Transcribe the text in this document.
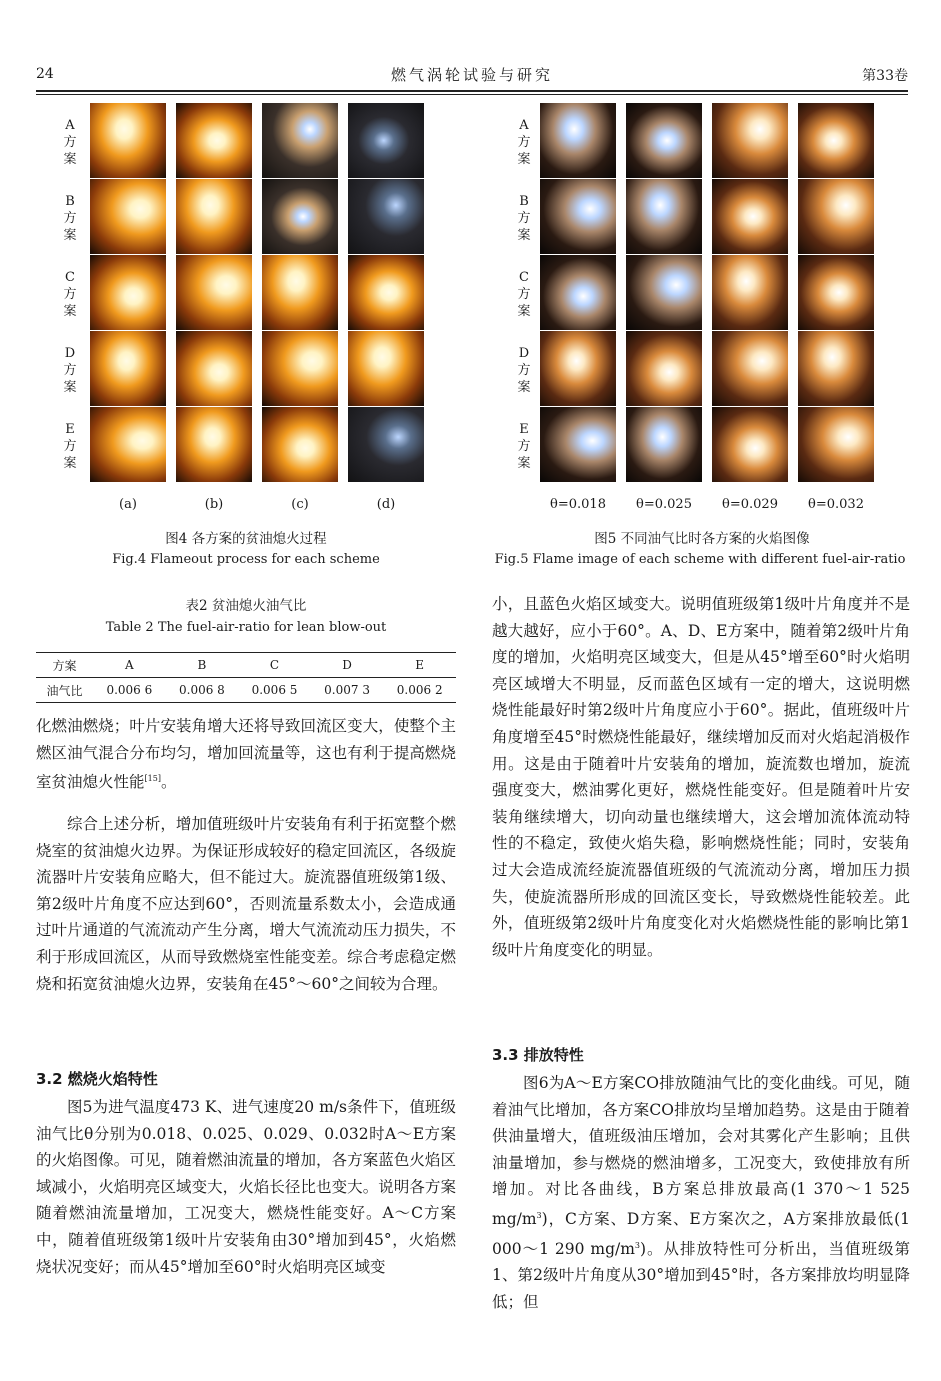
24	燃气涡轮试验与研究	第33卷
A
方
案
B
方
案
C
方
案
D
方
案
E
方
案
(a)	(b)	(c)	(d)
图4 各方案的贫油熄火过程
Fig.4 Flameout process for each scheme
A
方
案
B
方
案
C
方
案
D
方
案
E
方
案
θ=0.018	θ=0.025	θ=0.029	θ=0.032
图5 不同油气比时各方案的火焰图像
Fig.5 Flame image of each scheme with different fuel-air-ratio
表2 贫油熄火油气比
Table 2 The fuel-air-ratio for lean blow-out
方案	A	B	C	D	E
油气比	0.006 6	0.006 8	0.006 5	0.007 3	0.006 2

化燃油燃烧；叶片安装角增大还将导致回流区变大，使整个主燃区油气混合分布均匀，增加回流量等，这也有利于提高燃烧室贫油熄火性能[15]。

综合上述分析，增加值班级叶片安装角有利于拓宽整个燃烧室的贫油熄火边界。为保证形成较好的稳定回流区，各级旋流器叶片安装角应略大，但不能过大。旋流器值班级第1级、第2级叶片角度不应达到60°，否则流量系数太小，会造成通过叶片通道的气流流动产生分离，增大气流流动压力损失，不利于形成回流区，从而导致燃烧室性能变差。综合考虑稳定燃烧和拓宽贫油熄火边界，安装角在45°～60°之间较为合理。

3.2 燃烧火焰特性

图5为进气温度473 K、进气速度20 m/s条件下，值班级油气比θ分别为0.018、0.025、0.029、0.032时A～E方案的火焰图像。可见，随着燃油流量的增加，各方案蓝色火焰区域减小，火焰明亮区域变大，火焰长径比也变大。说明各方案随着燃油流量增加，工况变大，燃烧性能变好。A～C方案中，随着值班级第1级叶片安装角由30°增加到45°，火焰燃烧状况变好；而从45°增加至60°时火焰明亮区域变

小，且蓝色火焰区域变大。说明值班级第1级叶片角度并不是越大越好，应小于60°。A、D、E方案中，随着第2级叶片角度的增加，火焰明亮区域变大，但是从45°增至60°时火焰明亮区域增大不明显，反而蓝色区域有一定的增大，这说明燃烧性能最好时第2级叶片角度应小于60°。据此，值班级叶片角度增至45°时燃烧性能最好，继续增加反而对火焰起消极作用。这是由于随着叶片安装角的增加，旋流数也增加，旋流强度变大，燃油雾化更好，燃烧性能变好。但是随着叶片安装角继续增大，切向动量也继续增大，这会增加流体流动特性的不稳定，致使火焰失稳，影响燃烧性能；同时，安装角过大会造成流经旋流器值班级的气流流动分离，增加压力损失，使旋流器所形成的回流区变长，导致燃烧性能较差。此外，值班级第2级叶片角度变化对火焰燃烧性能的影响比第1级叶片角度变化的明显。

3.3 排放特性

图6为A～E方案CO排放随油气比的变化曲线。可见，随着油气比增加，各方案CO排放均呈增加趋势。这是由于随着供油量增大，值班级油压增加，会对其雾化产生影响；且供油量增加，参与燃烧的燃油增多，工况变大，致使排放有所增加。对比各曲线，B方案总排放最高(1 370～1 525 $mg/m^3$)，C方案、D方案、E方案次之，A方案排放最低(1 000～1 290 $mg/m^3$)。从排放特性可分析出，当值班级第1、第2级叶片角度从30°增加到45°时，各方案排放均明显降低；但
